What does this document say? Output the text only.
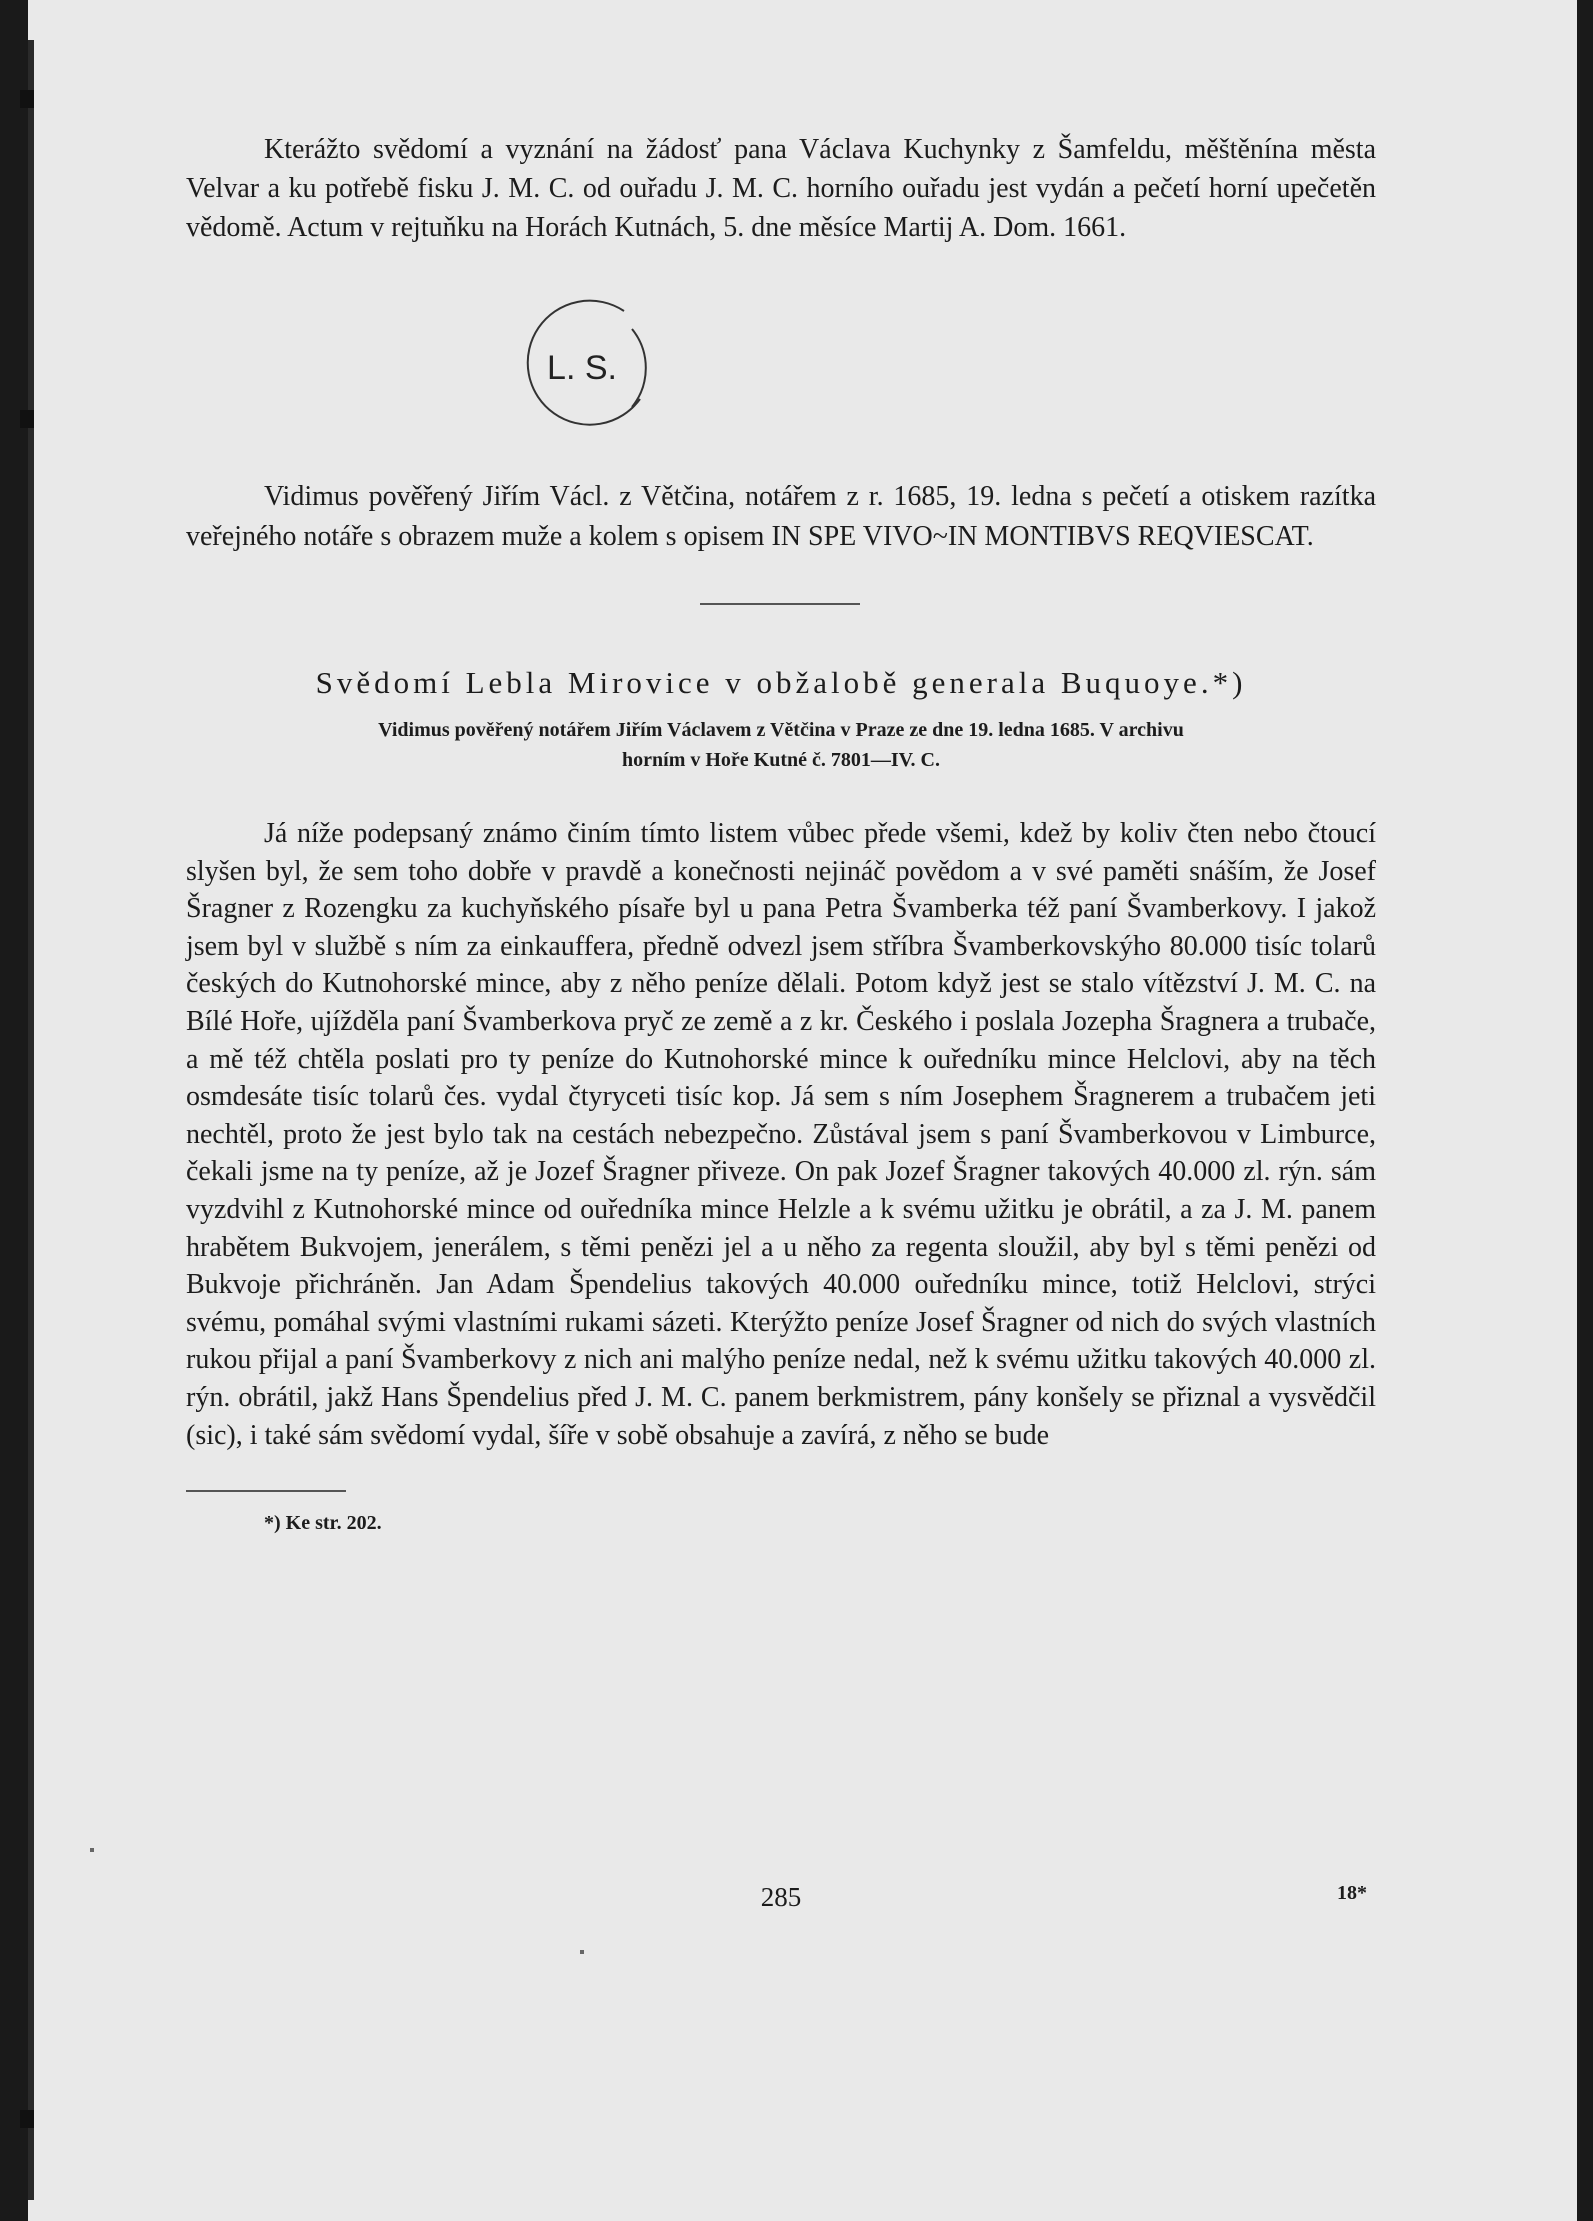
Kterážto svědomí a vyznání na žádosť pana Václava Kuchynky z Šamfeldu, měštěnína města Velvar a ku potřebě fisku J. M. C. od ouřadu J. M. C. horního ouřadu jest vydán a pečetí horní upečetěn vědomě. Actum v rejtuňku na Horách Kutnách, 5. dne měsíce Martij A. Dom. 1661.

L. S.

Vidimus pověřený Jiřím Václ. z Větčina, notářem z r. 1685, 19. ledna s pečetí a otiskem razítka veřejného notáře s obrazem muže a kolem s opisem IN SPE VIVO~IN MONTIBVS REQVIESCAT.

Svědomí Lebla Mirovice v obžalobě generala Buquoye.*)
Vidimus pověřený notářem Jiřím Václavem z Větčina v Praze ze dne 19. ledna 1685. V archivu
horním v Hoře Kutné č. 7801—IV. C.

Já níže podepsaný známo činím tímto listem vůbec přede všemi, kdež by koliv čten nebo čtoucí slyšen byl, že sem toho dobře v pravdě a konečnosti nejináč povědom a v své paměti snáším, že Josef Šragner z Rozengku za kuchyňského písaře byl u pana Petra Švamberka též paní Švamberkovy. I jakož jsem byl v službě s ním za einkauffera, předně odvezl jsem stříbra Švamberkovskýho 80.000 tisíc tolarů českých do Kutnohorské mince, aby z něho peníze dělali. Potom když jest se stalo vítězství J. M. C. na Bílé Hoře, ujížděla paní Švamberkova pryč ze země a z kr. Českého i poslala Jozepha Šragnera a trubače, a mě též chtěla poslati pro ty peníze do Kutnohorské mince k ouředníku mince Helclovi, aby na těch osmdesáte tisíc tolarů čes. vydal čtyryceti tisíc kop. Já sem s ním Josephem Šragnerem a trubačem jeti nechtěl, proto že jest bylo tak na cestách nebezpečno. Zůstával jsem s paní Švamberkovou v Limburce, čekali jsme na ty peníze, až je Jozef Šragner přiveze. On pak Jozef Šragner takových 40.000 zl. rýn. sám vyzdvihl z Kutnohorské mince od ouředníka mince Helzle a k svému užitku je obrátil, a za J. M. panem hrabětem Bukvojem, jenerálem, s těmi penězi jel a u něho za regenta sloužil, aby byl s těmi penězi od Bukvoje přichráněn. Jan Adam Špendelius takových 40.000 ouředníku mince, totiž Helclovi, strýci svému, pomáhal svými vlastními rukami sázeti. Kterýžto peníze Josef Šragner od nich do svých vlastních rukou přijal a paní Švamberkovy z nich ani malýho peníze nedal, než k svému užitku takových 40.000 zl. rýn. obrátil, jakž Hans Špendelius před J. M. C. panem berkmistrem, pány konšely se přiznal a vysvědčil (sic), i také sám svědomí vydal, šíře v sobě obsahuje a zavírá, z něho se bude

*) Ke str. 202.
285	18*
